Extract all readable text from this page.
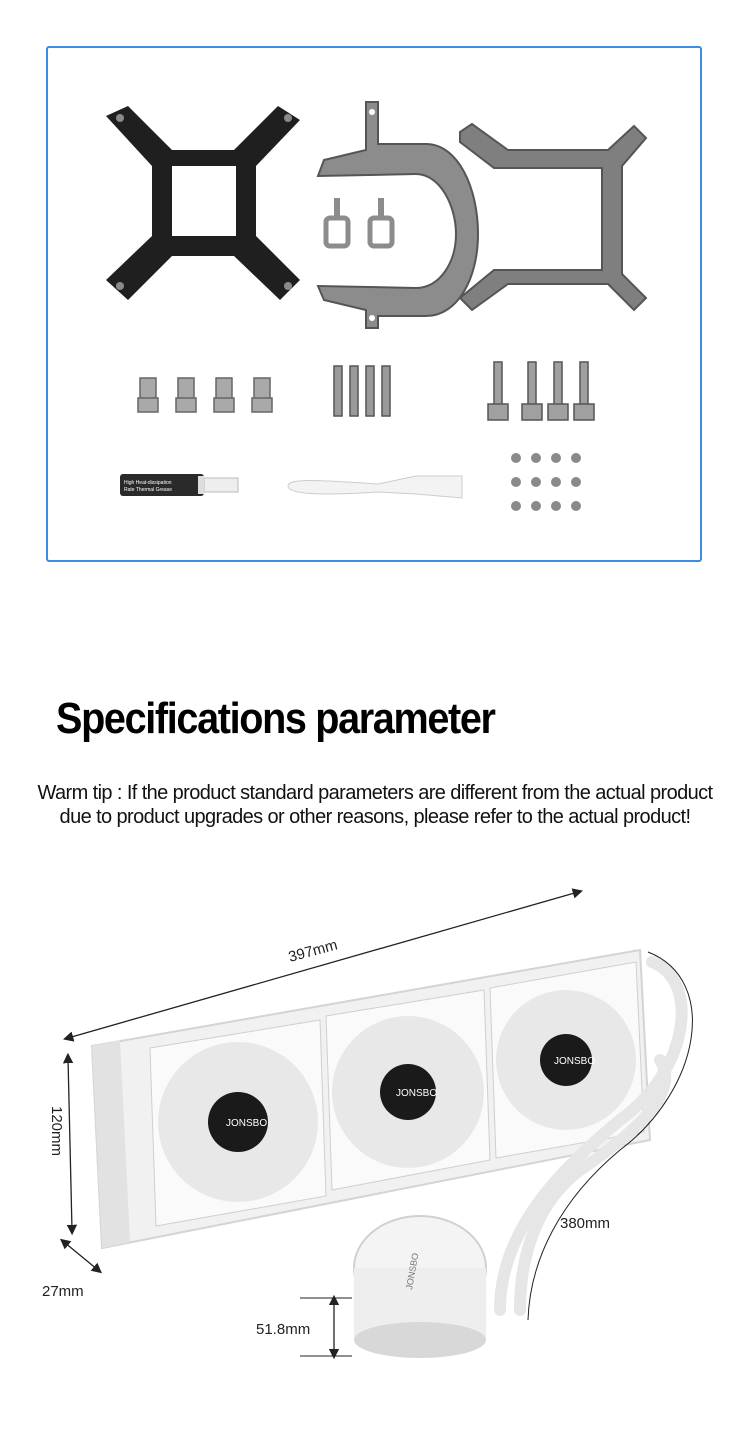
High Heat-dissipation
Rate Thermal Grease
Specifications parameter
Warm tip : If the product standard parameters are different from the actual product
due to product upgrades or other reasons, please refer to the actual product!
JONSBO
JONSBO
JONSBO
JONSBO
397mm
120mm
27mm
380mm
51.8mm
